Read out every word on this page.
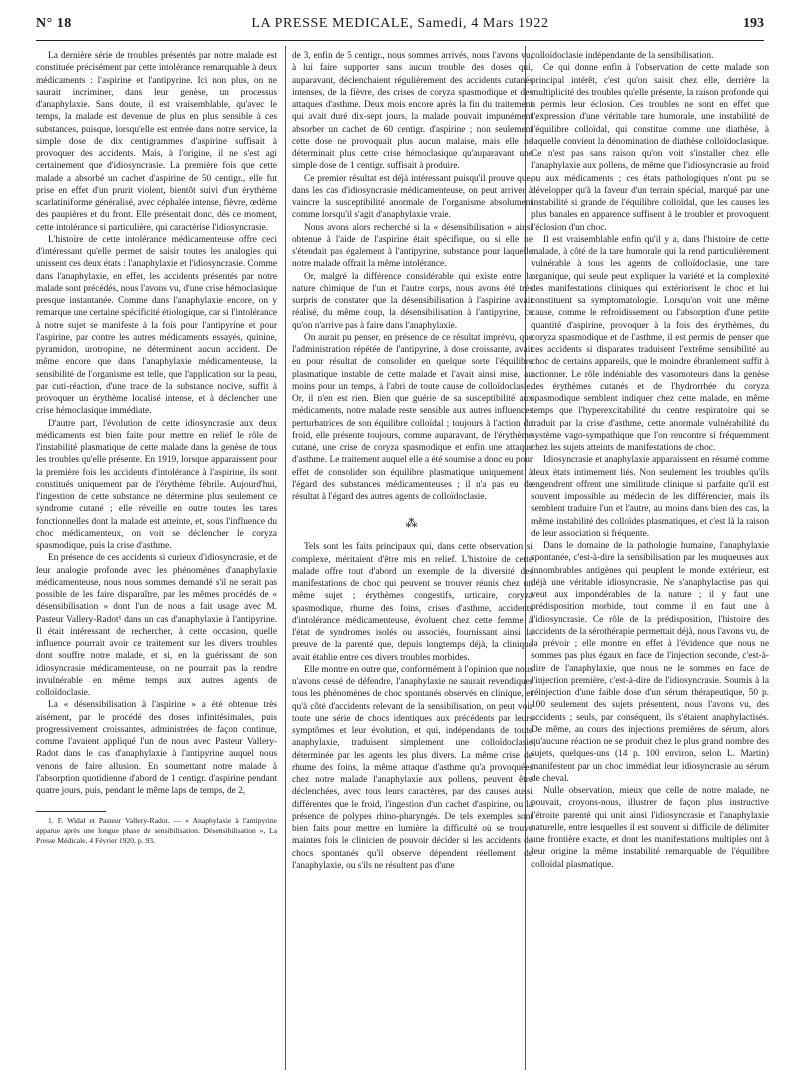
N° 18	LA PRESSE MEDICALE, Samedi, 4 Mars 1922	193

La dernière série de troubles présentés par notre malade est constituée précisément par cette intolérance remarquable à deux médicaments : l'aspirine et l'antipyrine. Ici non plus, on ne saurait incriminer, dans leur genèse, un processus d'anaphylaxie. Sans doute, il est vraisemblable, qu'avec le temps, la malade est devenue de plus en plus sensible à ces substances, puisque, lorsqu'elle est entrée dans notre service, la simple dose de dix centigrammes d'aspirine suffisait à provoquer des accidents. Mais, à l'origine, il ne s'est agi certainement que d'idiosyncrasie. La première fois que cette malade a absorbé un cachet d'aspirine de 50 centigr., elle fut prise en effet d'un prurit violent, bientôt suivi d'un érythème scarlatiniforme généralisé, avec céphalée intense, fièvre, œdème des paupières et du front. Elle présentait donc, dès ce moment, cette intolérance si particulière, qui caractérise l'idiosyncrasie.

L'histoire de cette intolérance médicamenteuse offre ceci d'intéressant qu'elle permet de saisir toutes les analogies qui unissent ces deux états : l'anaphylaxie et l'idiosyncrasie. Comme dans l'anaphylaxie, en effet, les accidents présentés par notre malade sont précédés, nous l'avons vu, d'une crise hémoclasique presque instantanée. Comme dans l'anaphylaxie encore, on y remarque une certaine spécificité étiologique, car si l'intolérance à notre sujet se manifeste à la fois pour l'antipyrine et pour l'aspirine, par contre les autres médicaments essayés, quinine, pyramidon, urotropine, ne déterminent aucun accident. De même encore que dans l'anaphylaxie médicamenteuse, la sensibilité de l'organisme est telle, que l'application sur la peau, par cuti-réaction, d'une trace de la substance nocive, suffit à provoquer un érythème localisé intense, et à déclencher une crise hémoclasique immédiate.

D'autre part, l'évolution de cette idiosyncrasie aux deux médicaments est bien faite pour mettre en relief le rôle de l'instabilité plasmatique de cette malade dans la genèse de tous les troubles qu'elle présente. En 1919, lorsque apparaissent pour la première fois les accidents d'intolérance à l'aspirine, ils sont constitués uniquement par de l'érythème fébrile. Aujourd'hui, l'ingestion de cette substance ne détermine plus seulement ce syndrome cutané ; elle réveille en outre toutes les tares fonctionnelles dont la malade est atteinte, et, sous l'influence du choc médicamenteux, on voit se déclencher le coryza spasmodique, puis la crise d'asthme.

En présence de ces accidents si curieux d'idiosyncrasie, et de leur analogie profonde avec les phénomènes d'anaphylaxie médicamenteuse, nous nous sommes demandé s'il ne serait pas possible de les faire disparaître, par les mêmes procédés de « désensibilisation » dont l'un de nous a fait usage avec M. Pasteur Vallery-Radot¹ dans un cas d'anaphylaxie à l'antipyrine. Il était intéressant de rechercher, à cette occasion, quelle influence pourrait avoir ce traitement sur les divers troubles dont souffre notre malade, et si, en la guérissant de son idiosyncrasie médicamenteuse, on ne pourrait pas la rendre invulnérable en même temps aux autres agents de colloïdoclasie.

La « désensibilisation à l'aspirine » a été obtenue très aisément, par le procédé des doses infinitésimales, puis progressivement croissantes, administrées de façon continue, comme l'avaient appliqué l'un de nous avec Pasteur Vallery-Radot dans le cas d'anaphylaxie à l'antipyrine auquel nous venons de faire allusion. En soumettant notre malade à l'absorption quotidienne d'abord de 1 centigr. d'aspirine pendant quatre jours, puis, pendant le même laps de temps, de 2,

1. F. Widal et Pasteur Vallery-Radot. — « Anaphylaxie à l'antipyrine apparue après une longue phase de sensibilisation. Désensibilisation », La Presse Médicale, 4 Février 1920, p. 93.

de 3, enfin de 5 centigr., nous sommes arrivés, nous l'avons vu, à lui faire supporter sans aucun trouble des doses qui, auparavant, déclenchaient régulièrement des accidents cutanés intenses, de la fièvre, des crises de coryza spasmodique et des attaques d'asthme. Deux mois encore après la fin du traitement qui avait duré dix-sept jours, la malade pouvait impunément absorber un cachet de 60 centigr. d'aspirine ; non seulement cette dose ne provoquait plus aucun malaise, mais elle ne déterminait plus cette crise hémoclasique qu'auparavant une simple dose de 1 centigr. suffisait à produire.

Ce premier résultat est déjà intéressant puisqu'il prouve que, dans les cas d'idiosyncrasie médicamenteuse, on peut arriver à vaincre la susceptibilité anormale de l'organisme absolument comme lorsqu'il s'agit d'anaphylaxie vraie.

Nous avons alors recherché si la « désensibilisation » ainsi obtenue à l'aide de l'aspirine était spécifique, ou si elle ne s'étendait pas également à l'antipyrine, substance pour laquelle notre malade offrait la même intolérance.

Or, malgré la différence considérable qui existe entre la nature chimique de l'un et l'autre corps, nous avons été très surpris de constater que la désensibilisation à l'aspirine avait réalisé, du même coup, la désensibilisation à l'antipyrine, ce qu'on n'arrive pas à faire dans l'anaphylaxie.

On aurait pu penser, en présence de ce résultat imprévu, que l'administration répétée de l'antipyrine, à dose croissante, avait eu pour résultat de consolider en quelque sorte l'équilibre plasmatique instable de cette malade et l'avait ainsi mise, au moins pour un temps, à l'abri de toute cause de colloïdoclasie. Or, il n'en est rien. Bien que guérie de sa susceptibilité aux médicaments, notre malade reste sensible aux autres influences perturbatrices de son équilibre colloïdal ; toujours à l'action du froid, elle présente toujours, comme auparavant, de l'érythème cutané, une crise de coryza spasmodique et enfin une attaque d'asthme. Le traitement auquel elle a été soumise a donc eu pour effet de consolider son équilibre plasmatique uniquement à l'égard des substances médicamenteuses ; il n'a pas eu de résultat à l'égard des autres agents de colloïdoclasie.

⁂

Tels sont les faits principaux qui, dans cette observation si complexe, méritaient d'être mis en relief. L'histoire de cette malade offre tout d'abord un exemple de la diversité des manifestations de choc qui peuvent se trouver réunis chez un même sujet ; érythèmes congestifs, urticaire, coryza spasmodique, rhume des foins, crises d'asthme, accidents d'intolérance médicamenteuse, évoluent chez cette femme à l'état de syndromes isolés ou associés, fournissant ainsi la preuve de la parenté que, depuis longtemps déjà, la clinique avait établie entre ces divers troubles morbides.

Elle montre en outre que, conformément à l'opinion que nous n'avons cessé de défendre, l'anaphylaxie ne saurait revendiquer tous les phénomènes de choc spontanés observés en clinique, et qu'à côté d'accidents relevant de la sensibilisation, on peut voir toute une série de chocs identiques aux précédents par leurs symptômes et leur évolution, et qui, indépendants de toute anaphylaxie, traduisent simplement une colloïdoclasie déterminée par les agents les plus divers. La même crise de rhume des foins, la même attaque d'asthme qu'a provoquées chez notre malade l'anaphylaxie aux pollens, peuvent être déclenchées, avec tous leurs caractères, par des causes aussi différentes que le froid, l'ingestion d'un cachet d'aspirine, ou la présence de polypes rhino-pharyngés. De tels exemples sont bien faits pour mettre en lumière la difficulté où se trouve maintes fois le clinicien de pouvoir décider si les accidents de chocs spontanés qu'il observe dépendent réellement de l'anaphylaxie, ou s'ils ne résultent pas d'une

colloïdoclasie indépendante de la sensibilisation.

Ce qui donne enfin à l'observation de cette malade son principal intérêt, c'est qu'on saisit chez elle, derrière la multiplicité des troubles qu'elle présente, la raison profonde qui a permis leur éclosion. Ces troubles ne sont en effet que l'expression d'une véritable tare humorale, une instabilité de l'équilibre colloïdal, qui constitue comme une diathèse, à laquelle convient la dénomination de diathèse colloïdoclasique. Ce n'est pas sans raison qu'on voit s'installer chez elle l'anaphylaxie aux pollens, de même que l'idiosyncrasie au froid ou aux médicaments ; ces états pathologiques n'ont pu se développer qu'à la faveur d'un terrain spécial, marqué par une instabilité si grande de l'équilibre colloïdal, que les causes les plus banales en apparence suffisent à le troubler et provoquent l'éclosion d'un choc.

Il est vraisemblable enfin qu'il y a, dans l'histoire de cette malade, à côté de la tare humorale qui la rend particulièrement vulnérable à tous les agents de colloïdoclasie, une tare organique, qui seule peut expliquer la variété et la complexité des manifestations cliniques qui extériorisent le choc et lui constituent sa symptomatologie. Lorsqu'on voit une même cause, comme le refroidissement ou l'absorption d'une petite quantité d'aspirine, provoquer à la fois des érythèmes, du coryza spasmodique et de l'asthme, il est permis de penser que ces accidents si disparates traduisent l'extrême sensibilité au choc de certains appareils, que le moindre ébranlement suffit à actionner. Le rôle indéniable des vasomoteurs dans la genèse des érythèmes cutanés et de l'hydrorrhée du coryza spasmodique semblent indiquer chez cette malade, en même temps que l'hyperexcitabilité du centre respiratoire qui se traduit par la crise d'asthme, cette anormale vulnérabilité du système vago-sympathique que l'on rencontre si fréquemment chez les sujets atteints de manifestations de choc.

Idiosyncrasie et anaphylaxie apparaissent en résumé comme deux états intimement liés. Non seulement les troubles qu'ils engendrent offrent une similitude clinique si parfaite qu'il est souvent impossible au médecin de les différencier, mais ils semblent traduire l'un et l'autre, au moins dans bien des cas, la même instabilité des colloïdes plasmatiques, et c'est là la raison de leur association si fréquente.

Dans le domaine de la pathologie humaine, l'anaphylaxie spontanée, c'est-à-dire la sensibilisation par les muqueuses aux innombrables antigènes qui peuplent le monde extérieur, est déjà une véritable idiosyncrasie. Ne s'anaphylactise pas qui veut aux impondérables de la nature ; il y faut une prédisposition morbide, tout comme il en faut une à l'idiosyncrasie. Ce rôle de la prédisposition, l'histoire des accidents de la sérothérapie permettait déjà, nous l'avons vu, de la prévoir ; elle montre en effet à l'évidence que nous ne sommes pas plus égaux en face de l'injection seconde, c'est-à-dire de l'anaphylaxie, que nous ne le sommes en face de l'injection première, c'est-à-dire de l'idiosyncrasie. Soumis à la réinjection d'une faible dose d'un sérum thérapeutique, 50 p. 100 seulement des sujets présentent, nous l'avons vu, des accidents ; seuls, par conséquent, ils s'étaient anaphylactisés. De même, au cours des injections premières de sérum, alors qu'aucune réaction ne se produit chez le plus grand nombre des sujets, quelques-uns (14 p. 100 environ, selon L. Martin) manifestent par un choc immédiat leur idiosyncrasie au sérum de cheval.

Nulle observation, mieux que celle de notre malade, ne pouvait, croyons-nous, illustrer de façon plus instructive l'étroite parenté qui unit ainsi l'idiosyncrasie et l'anaphylaxie naturelle, entre lesquelles il est souvent si difficile de délimiter une frontière exacte, et dont les manifestations multiples ont à leur origine la même instabilité remarquable de l'équilibre colloïdal plasmatique.
